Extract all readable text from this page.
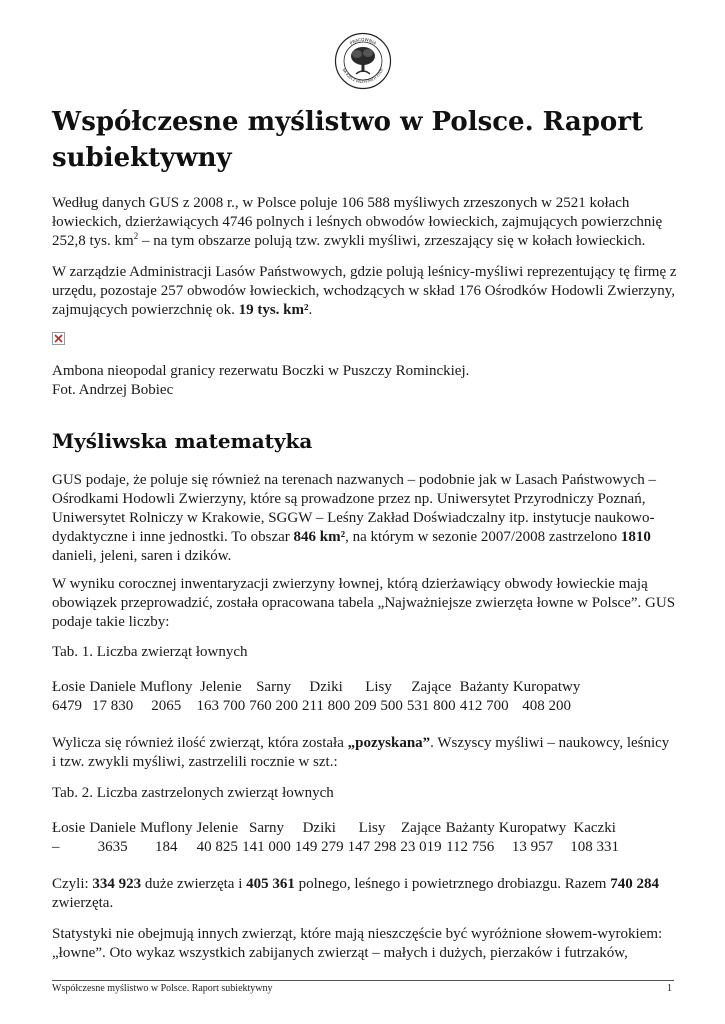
PRACOWNIA
NA RZECZ WSZYSTKICH ISTOT
Współczesne myślistwo w Polsce. Raport subiektywny

Według danych GUS z 2008 r., w Polsce poluje 106 588 myśliwych zrzeszonych w 2521 kołach łowieckich, dzierżawiących 4746 polnych i leśnych obwodów łowieckich, zajmujących powierzchnię 252,8 tys. $km^2$ – na tym obszarze polują tzw. zwykli myśliwi, zrzeszający się w kołach łowieckich.

W zarządzie Administracji Lasów Państwowych, gdzie polują leśnicy-myśliwi reprezentujący tę firmę z urzędu, pozostaje 257 obwodów łowieckich, wchodzących w skład 176 Ośrodków Hodowli Zwierzyny, zajmujących powierzchnię ok. 19 tys. km².

Ambona nieopodal granicy rezerwatu Boczki w Puszczy Rominckiej.
Fot. Andrzej Bobiec

Myśliwska matematyka

GUS podaje, że poluje się również na terenach nazwanych – podobnie jak w Lasach Państwowych – Ośrodkami Hodowli Zwierzyny, które są prowadzone przez np. Uniwersytet Przyrodniczy Poznań, Uniwersytet Rolniczy w Krakowie, SGGW – Leśny Zakład Doświadczalny itp. instytucje naukowo-dydaktyczne i inne jednostki. To obszar 846 km², na którym w sezonie 2007/2008 zastrzelono 1810 danieli, jeleni, saren i dzików.

W wyniku corocznej inwentaryzacji zwierzyny łownej, którą dzierżawiący obwody łowieckie mają obowiązek przeprowadzić, została opracowana tabela „Najważniejsze zwierzęta łowne w Polsce”. GUS podaje takie liczby:

Tab. 1. Liczba zwierząt łownych

Łosie	Daniele	Muflony	Jelenie	Sarny	Dziki	Lisy	Zające	Bażanty	Kuropatwy
6479	17 830	2065	163 700	760 200	211 800	209 500	531 800	412 700	408 200

Wylicza się również ilość zwierząt, która została „pozyskana”. Wszyscy myśliwi – naukowcy, leśnicy i tzw. zwykli myśliwi, zastrzelili rocznie w szt.:

Tab. 2. Liczba zastrzelonych zwierząt łownych

Łosie	Daniele	Muflony	Jelenie	Sarny	Dziki	Lisy	Zające	Bażanty	Kuropatwy	Kaczki
–	3635	184	40 825	141 000	149 279	147 298	23 019	112 756	13 957	108 331

Czyli: 334 923 duże zwierzęta i 405 361 polnego, leśnego i powietrznego drobiazgu. Razem 740 284 zwierzęta.

Statystyki nie obejmują innych zwierząt, które mają nieszczęście być wyróżnione słowem-wyrokiem: „łowne”. Oto wykaz wszystkich zabijanych zwierząt – małych i dużych, pierzaków i futrzaków,

Współczesne myślistwo w Polsce. Raport subiektywny	1
